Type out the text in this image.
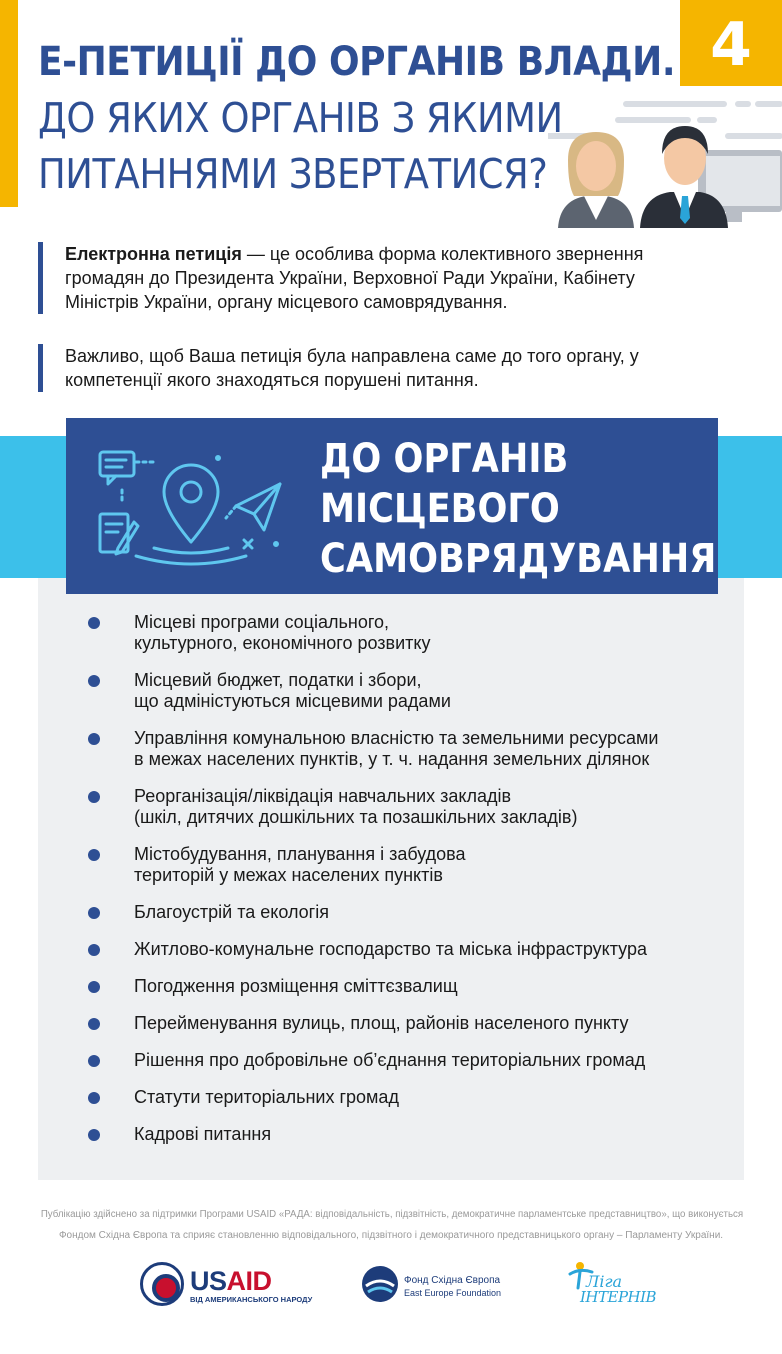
4
Е-ПЕТИЦІЇ ДО ОРГАНІВ ВЛАДИ.
ДО ЯКИХ ОРГАНІВ З ЯКИМИ
ПИТАННЯМИ ЗВЕРТАТИСЯ?
Електронна петиція — це особлива форма колективного звернення громадян до Президента України, Верховної Ради України, Кабінету Міністрів України, органу місцевого самоврядування.
Важливо, щоб Ваша петиція була направлена саме до того органу, у компетенції якого знаходяться порушені питання.
ДО ОРГАНІВ
МІСЦЕВОГО
САМОВРЯДУВАННЯ
Місцеві програми соціального,
культурного, економічного розвитку
Місцевий бюджет, податки і збори,
що адміністуються місцевими радами
Управління комунальною власністю та земельними ресурсами
в межах населених пунктів, у т. ч. надання земельних ділянок
Реорганізація/ліквідація навчальних закладів
(шкіл, дитячих дошкільних та позашкільних закладів)
Містобудування, планування і забудова
територій у межах населених пунктів
Благоустрій та екологія
Житлово-комунальне господарство та міська інфраструктура
Погодження розміщення сміттєзвалищ
Перейменування вулиць, площ, районів населеного пункту
Рішення про добровільне об’єднання територіальних громад
Статути територіальних громад
Кадрові питання
Публікацію здійснено за підтримки Програми USAID «РАДА: відповідальність, підзвітність, демократичне парламентське представництво», що виконується
Фондом Східна Європа та сприяє становленню відповідального, підзвітного і демократичного представницького органу – Парламенту України.
USAID
ВІД АМЕРИКАНСЬКОГО НАРОДУ
Фонд Східна Європа
East Europe Foundation
Ліга
ІНТЕРНІВ
